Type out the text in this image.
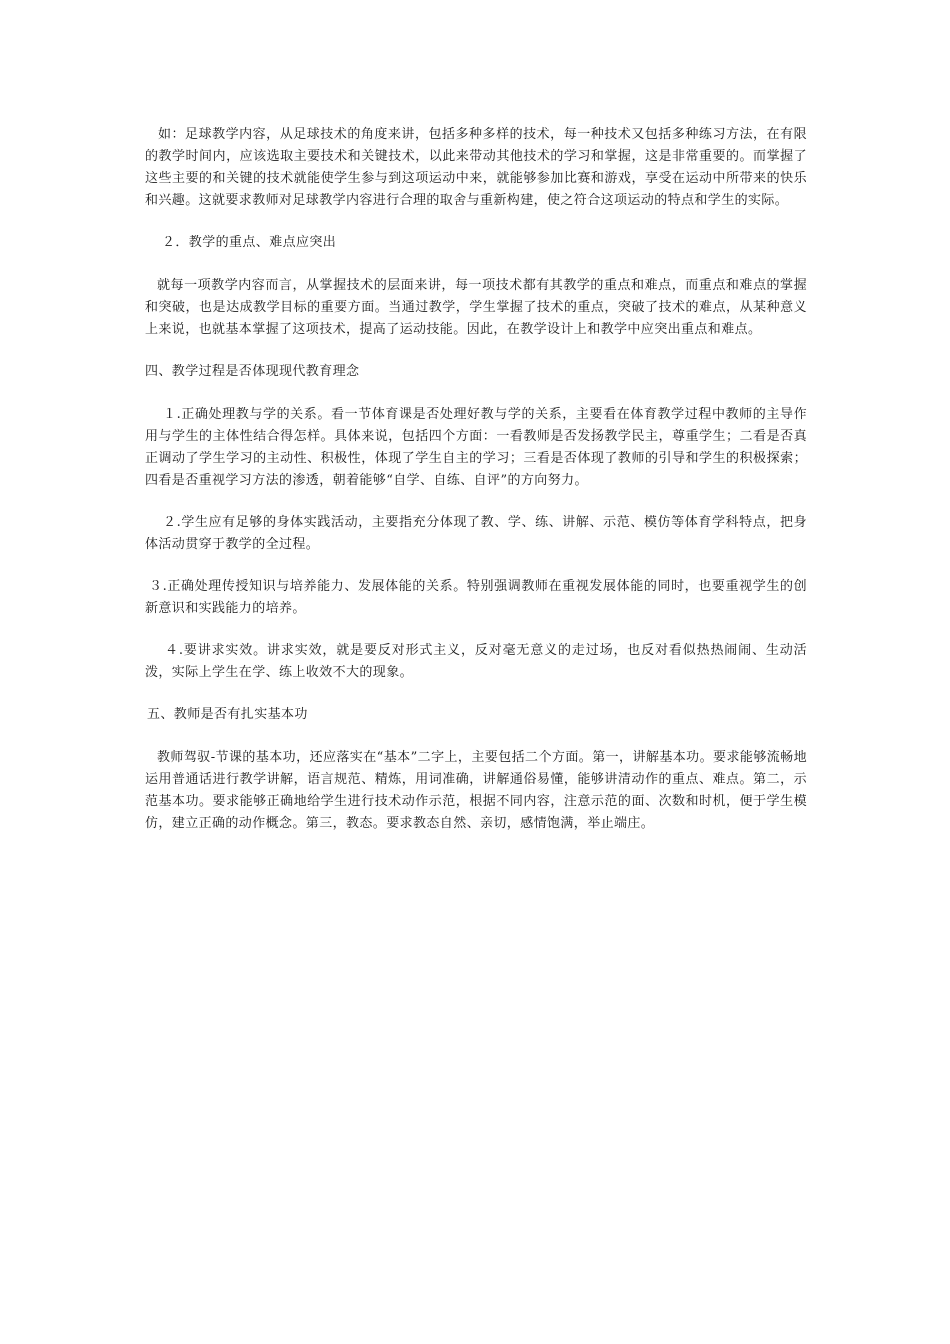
如：足球教学内容，从足球技术的角度来讲，包括多种多样的技术，每一种技术又包括多种练习方法，在有限的教学时间内，应该选取主要技术和关键技术，以此来带动其他技术的学习和掌握，这是非常重要的。而掌握了这些主要的和关键的技术就能使学生参与到这项运动中来，就能够参加比赛和游戏，享受在运动中所带来的快乐和兴趣。这就要求教师对足球教学内容进行合理的取舍与重新构建，使之符合这项运动的特点和学生的实际。

２．教学的重点、难点应突出

就每一项教学内容而言，从掌握技术的层面来讲，每一项技术都有其教学的重点和难点，而重点和难点的掌握和突破，也是达成教学目标的重要方面。当通过教学，学生掌握了技术的重点，突破了技术的难点，从某种意义上来说，也就基本掌握了这项技术，提高了运动技能。因此，在教学设计上和教学中应突出重点和难点。

四、教学过程是否体现现代教育理念

１.正确处理教与学的关系。看一节体育课是否处理好教与学的关系，主要看在体育教学过程中教师的主导作用与学生的主体性结合得怎样。具体来说，包括四个方面：一看教师是否发扬教学民主，尊重学生；二看是否真正调动了学生学习的主动性、积极性，体现了学生自主的学习；三看是否体现了教师的引导和学生的积极探索；四看是否重视学习方法的渗透，朝着能够“自学、自练、自评”的方向努力。

２.学生应有足够的身体实践活动，主要指充分体现了教、学、练、讲解、示范、模仿等体育学科特点，把身体活动贯穿于教学的全过程。

３.正确处理传授知识与培养能力、发展体能的关系。特别强调教师在重视发展体能的同时，也要重视学生的创新意识和实践能力的培养。

４.要讲求实效。讲求实效，就是要反对形式主义，反对毫无意义的走过场，也反对看似热热闹闹、生动活泼，实际上学生在学、练上收效不大的现象。

五、教师是否有扎实基本功

教师驾驭-节课的基本功，还应落实在“基本”二字上，主要包括二个方面。第一，讲解基本功。要求能够流畅地运用普通话进行教学讲解，语言规范、精炼，用词准确，讲解通俗易懂，能够讲清动作的重点、难点。第二，示范基本功。要求能够正确地给学生进行技术动作示范，根据不同内容，注意示范的面、次数和时机，便于学生模仿，建立正确的动作概念。第三，教态。要求教态自然、亲切，感情饱满，举止端庄。
